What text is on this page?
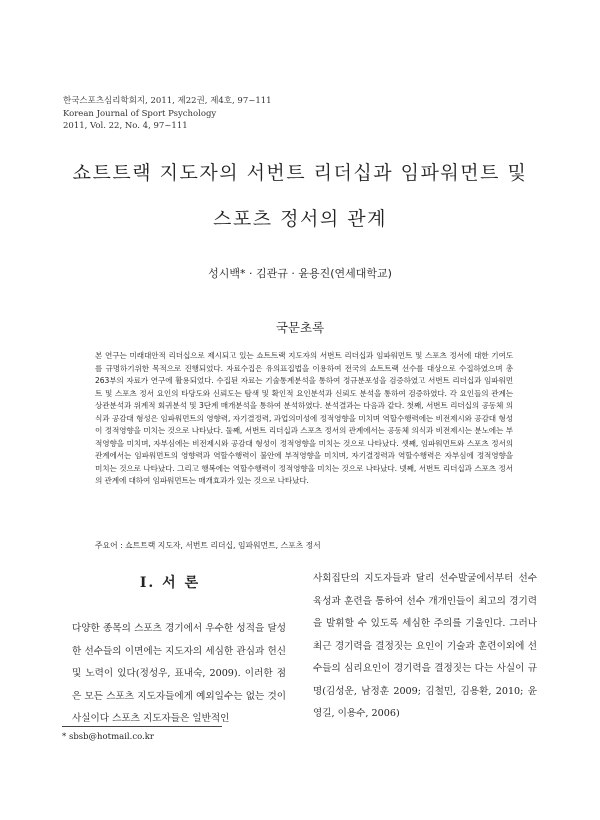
한국스포츠심리학회지, 2011, 제22권, 제4호, 97~111
Korean Journal of Sport Psychology
2011, Vol. 22, No. 4, 97~111
쇼트트랙 지도자의 서번트 리더십과 임파워먼트 및
스포츠 정서의 관계
성시백* · 김관규 · 윤용진(연세대학교)
국문초록
본 연구는 미래대안적 리더십으로 제시되고 있는 쇼트트랙 지도자의 서번트 리더십과 임파워먼트 및 스포츠 정서에 대한 기여도를 규명하기위한 목적으로 진행되었다. 자료수집은 유의표집법을 이용하여 전국의 쇼트트랙 선수를 대상으로 수집하였으며 총263부의 자료가 연구에 활용되었다. 수집된 자료는 기술통계분석을 통하여 정규분포성을 검증하였고 서번트 리더십과 임파워먼트 및 스포츠 정서 요인의 타당도와 신뢰도는 탐색 및 확인적 요인분석과 신뢰도 분석을 통하여 검증하였다. 각 요인들의 관계는 상관분석과 위계적 회귀분석 및 3단계 매개분석을 통하여 분석하였다. 분석결과는 다음과 같다. 첫째, 서번트 리더십의 공동체 의식과 공감대 형성은 임파워먼트의 영향력, 자기결정력, 과업의미성에 정적영향을 미치며 역할수행력에는 비전제시와 공감대 형성이 정적영향을 미치는 것으로 나타났다. 둘째, 서번트 리더십과 스포츠 정서의 관계에서는 공동체 의식과 비전제시는 분노에는 부적영향을 미치며, 자부심에는 비전제시와 공감대 형성이 정적영향을 미치는 것으로 나타났다. 셋째, 임파워먼트와 스포츠 정서의 관계에서는 임파워먼트의 영향력과 역할수행력이 불안에 부적영향을 미치며, 자기결정력과 역할수행력은 자부심에 정적영향을 미치는 것으로 나타났다. 그리고 행복에는 역할수행력이 정적영향을 미치는 것으로 나타났다. 넷째, 서번트 리더십과 스포츠 정서의 관계에 대하여 임파워먼트는 매개효과가 있는 것으로 나타났다.
주요어 : 쇼트트랙 지도자, 서번트 리더십, 임파워먼트, 스포츠 정서
I. 서 론
다양한 종목의 스포츠 경기에서 우수한 성적을 달성한 선수들의 이면에는 지도자의 세심한 관심과 헌신 및 노력이 있다(정성우, 표내숙, 2009). 이러한 점은 모든 스포츠 지도자들에게 예외일수는 없는 것이 사실이다 스포츠 지도자들은 일반적인
사회집단의 지도자들과 달리 선수발굴에서부터 선수육성과 훈련을 통하여 선수 개개인들이 최고의 경기력을 발휘할 수 있도록 세심한 주의를 기울인다. 그러나 최근 경기력을 결정짓는 요인이 기술과 훈련이외에 선수들의 심리요인이 경기력을 결정짓는 다는 사실이 규명(김성운, 남정훈 2009; 김철민, 김용환, 2010; 윤영길, 이용수, 2006)
* sbsb@hotmail.co.kr
